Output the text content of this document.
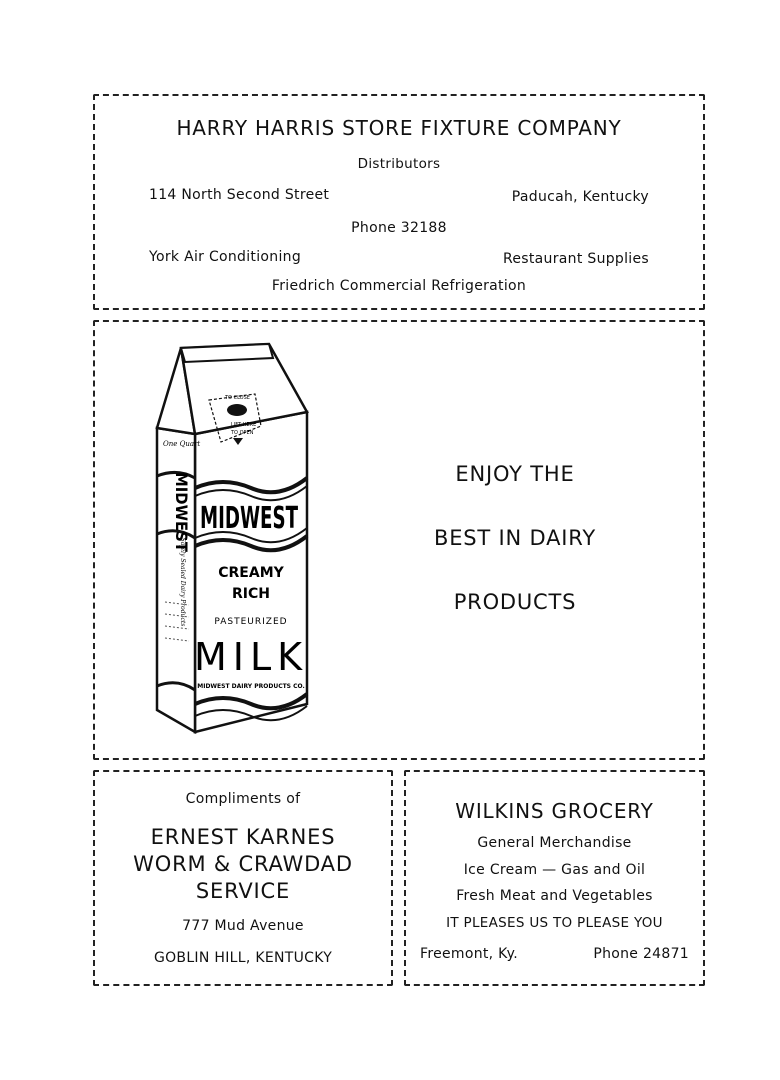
HARRY HARRIS STORE FIXTURE COMPANY
Distributors
114 North Second Street	Paducah, Kentucky
Phone 32188
York Air Conditioning	Restaurant Supplies
Friedrich Commercial Refrigeration
TO CLOSE
LIFT HERE
TO OPEN
MIDWEST
CREAMY
RICH
PASTEURIZED
MILK
MIDWEST DAIRY PRODUCTS CO.
One Quart
MIDWEST
Safely Sealed Dairy Products
ENJOY THE
BEST IN DAIRY
PRODUCTS
Compliments of
ERNEST KARNES
WORM & CRAWDAD
SERVICE
777 Mud Avenue
GOBLIN HILL, KENTUCKY
WILKINS GROCERY
General Merchandise
Ice Cream — Gas and Oil
Fresh Meat and Vegetables
IT PLEASES US TO PLEASE YOU
Freemont, Ky.	Phone 24871
